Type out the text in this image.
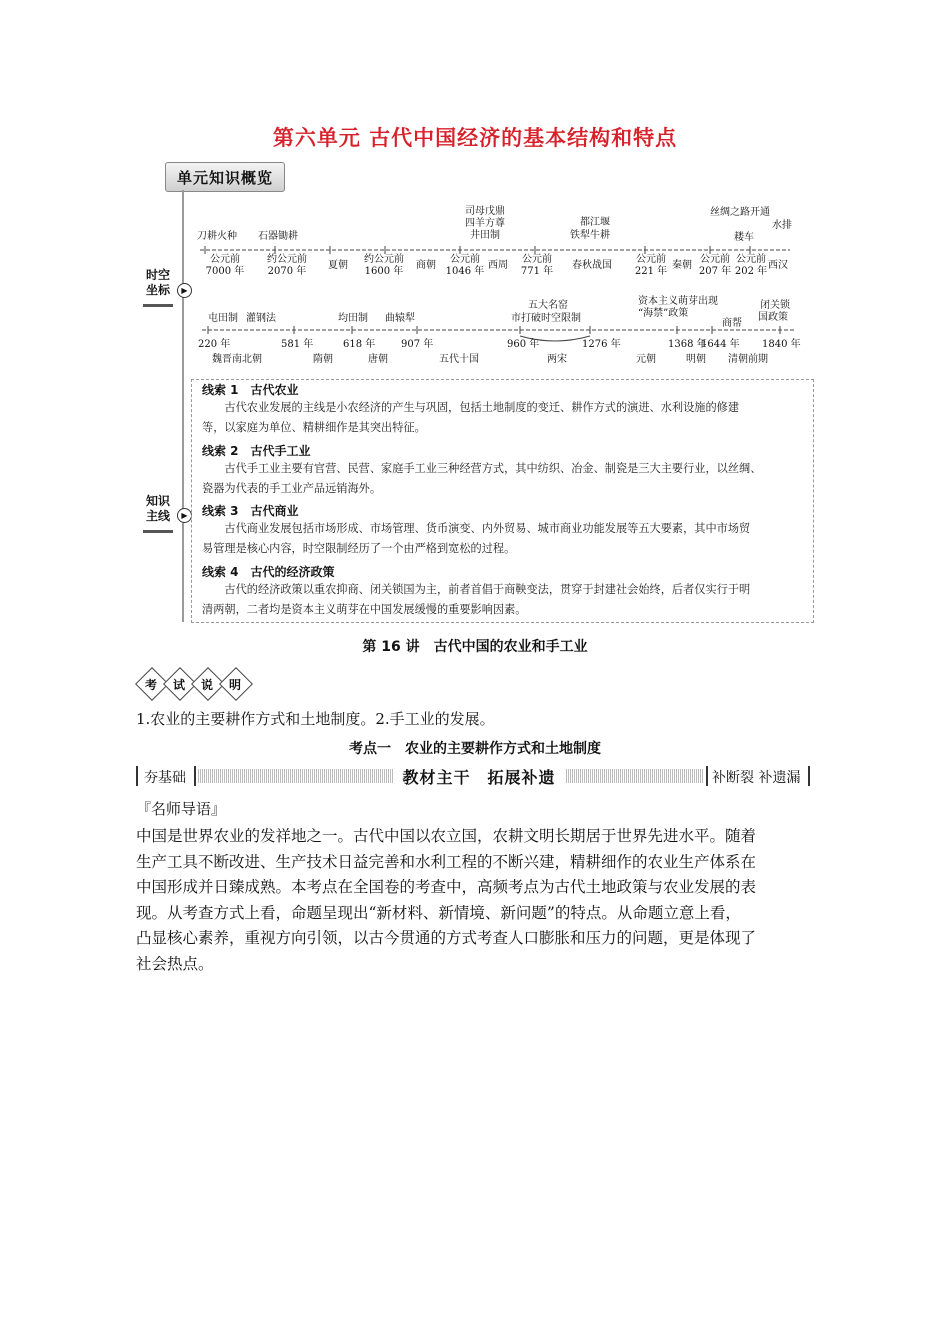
第六单元 古代中国经济的基本结构和特点
单元知识概览
时空
坐标	▶
知识
主线	▶
刀耕火种 石器锄耕
司母戊鼎
四羊方尊
井田制
都江堰
铁犁牛耕
丝绸之路开通
水排
耧车
公元前
7000 年
约公元前
2070 年
夏朝
约公元前
1600 年
商朝
公元前
1046 年
西周
公元前
771 年
春秋战国
公元前
221 年
秦朝
公元前
207 年
公元前
202 年
西汉
屯田制 灌钢法	均田制 曲辕犁
五大名窑
市打破时空限制
资本主义萌芽出现
“海禁”政策
商帮
闭关锁
国政策
220 年	581 年	618 年	907 年	960 年	1276 年	1368 年
1644 年 1840 年
魏晋南北朝	隋朝	唐朝	五代十国	两宋	元朝	明朝 清朝前期
线索 1　 古代农业
古代农业发展的主线是小农经济的产生与巩固，包括土地制度的变迁、耕作方式的演进、水利设施的修建
等，以家庭为单位、精耕细作是其突出特征。
线索 2　 古代手工业
古代手工业主要有官营、民营、家庭手工业三种经营方式，其中纺织、冶金、制瓷是三大主要行业，以丝绸、
瓷器为代表的手工业产品远销海外。
线索 3　 古代商业
古代商业发展包括市场形成、市场管理、货币演变、内外贸易、城市商业功能发展等五大要素，其中市场贸
易管理是核心内容，时空限制经历了一个由严格到宽松的过程。
线索 4　 古代的经济政策
古代的经济政策以重农抑商、闭关锁国为主，前者首倡于商鞅变法，贯穿于封建社会始终，后者仅实行于明
清两朝，二者均是资本主义萌芽在中国发展缓慢的重要影响因素。
第 16 讲　古代中国的农业和手工业
考	试	说	明
1.农业的主要耕作方式和土地制度。2.手工业的发展。
考点一　农业的主要耕作方式和土地制度
夯基础	教材主干　拓展补遗	补断裂 补遗漏
『名师导语』
中国是世界农业的发祥地之一。古代中国以农立国，农耕文明长期居于世界先进水平。随着
生产工具不断改进、生产技术日益完善和水利工程的不断兴建，精耕细作的农业生产体系在
中国形成并日臻成熟。本考点在全国卷的考查中，高频考点为古代土地政策与农业发展的表
现。从考查方式上看，命题呈现出“新材料、新情境、新问题”的特点。从命题立意上看，
凸显核心素养，重视方向引领，以古今贯通的方式考查人口膨胀和压力的问题，更是体现了
社会热点。
